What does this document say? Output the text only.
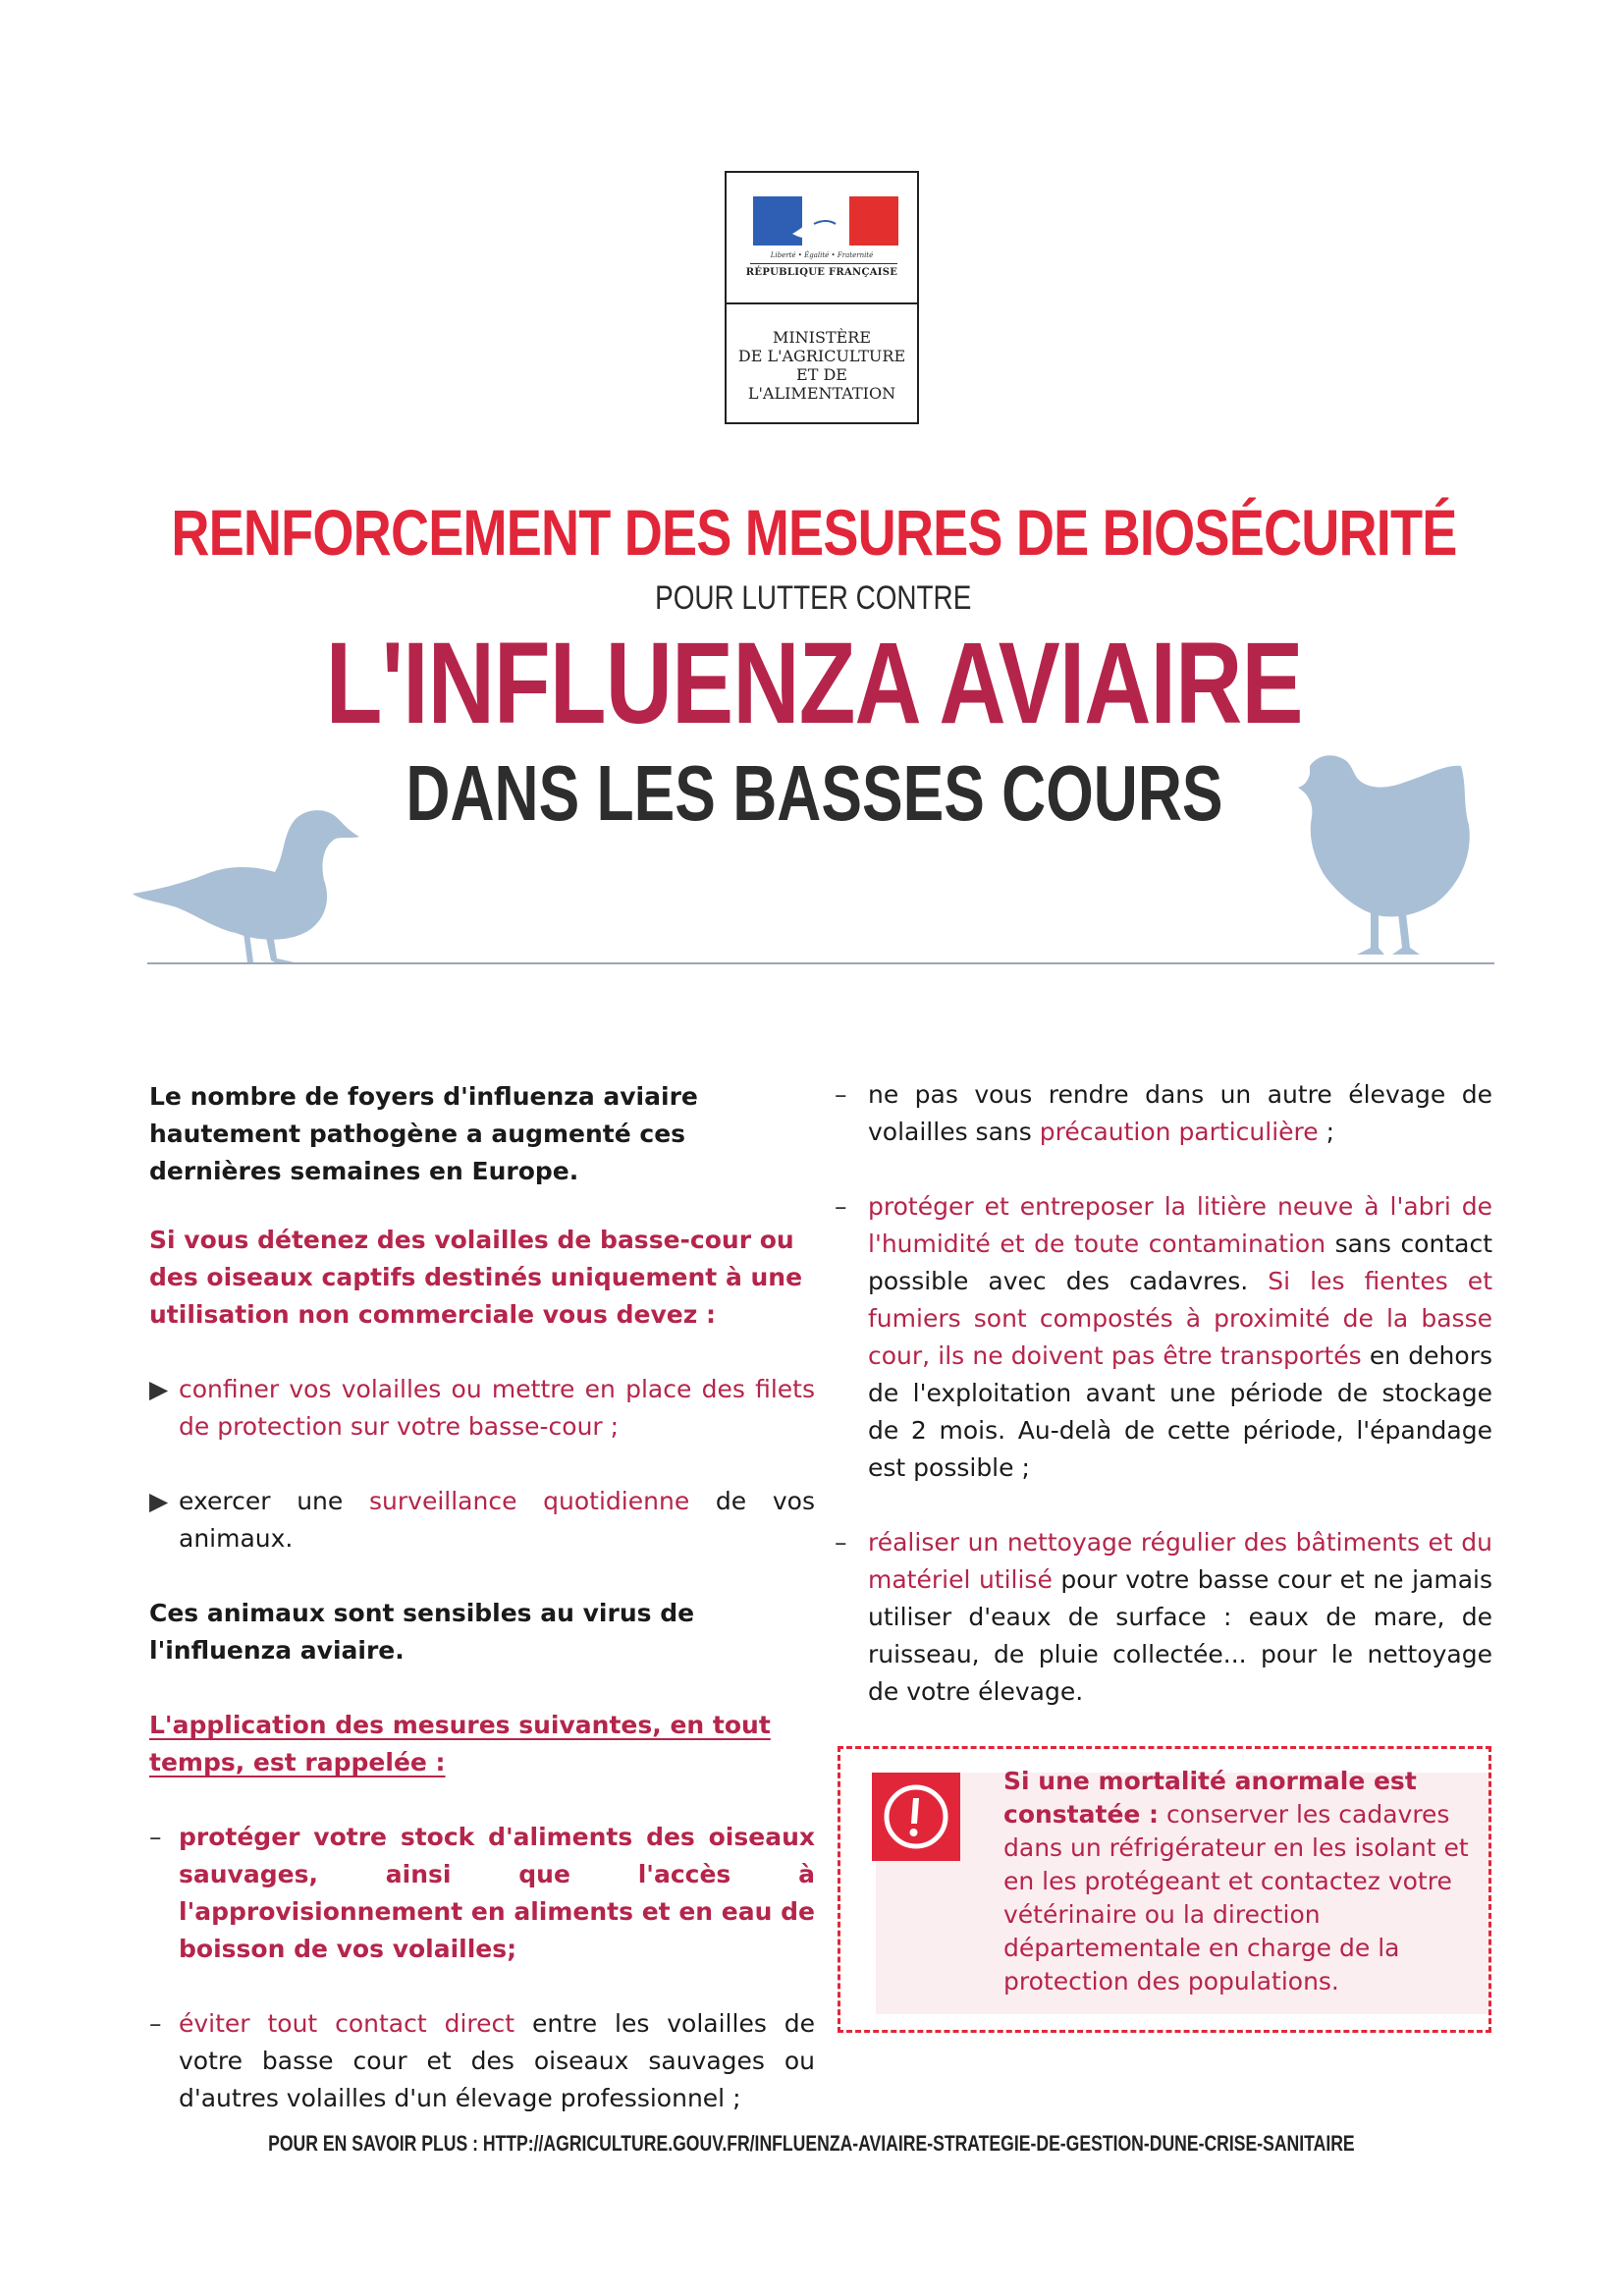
Liberté • Égalité • Fraternité
RÉPUBLIQUE FRANÇAISE
MINISTÈRE
DE L'AGRICULTURE
ET DE
L'ALIMENTATION
RENFORCEMENT DES MESURES DE BIOSÉCURITÉ
POUR LUTTER CONTRE
L'INFLUENZA AVIAIRE
DANS LES BASSES COURS

Le nombre de foyers d'influenza aviaire hautement pathogène a augmenté ces dernières semaines en Europe.

Si vous détenez des volailles de basse-cour ou des oiseaux captifs destinés uniquement à une utilisation non commerciale vous devez :

▶ confiner vos volailles ou mettre en place des filets de protection sur votre basse-cour ;
▶ exercer une surveillance quotidienne de vos animaux.

Ces animaux sont sensibles au virus de l'influenza aviaire.

L'application des mesures suivantes, en tout temps, est rappelée :

– protéger votre stock d'aliments des oiseaux sauvages, ainsi que l'accès à l'approvisionnement en aliments et en eau de boisson de vos volailles;
– éviter tout contact direct entre les volailles de votre basse cour et des oiseaux sauvages ou d'autres volailles d'un élevage professionnel ;
– ne pas vous rendre dans un autre élevage de volailles sans précaution particulière ;
– protéger et entreposer la litière neuve à l'abri de l'humidité et de toute contamination sans contact possible avec des cadavres. Si les fientes et fumiers sont compostés à proximité de la basse cour, ils ne doivent pas être transportés en dehors de l'exploitation avant une période de stockage de 2 mois. Au-delà de cette période, l'épandage est possible ;
– réaliser un nettoyage régulier des bâtiments et du matériel utilisé pour votre basse cour et ne jamais utiliser d'eaux de surface : eaux de mare, de ruisseau, de pluie collectée... pour le nettoyage de votre élevage.
Si une mortalité anormale est constatée : conserver les cadavres dans un réfrigérateur en les isolant et en les protégeant et contactez votre vétérinaire ou la direction départementale en charge de la protection des populations.
POUR EN SAVOIR PLUS : HTTP://AGRICULTURE.GOUV.FR/INFLUENZA-AVIAIRE-STRATEGIE-DE-GESTION-DUNE-CRISE-SANITAIRE
